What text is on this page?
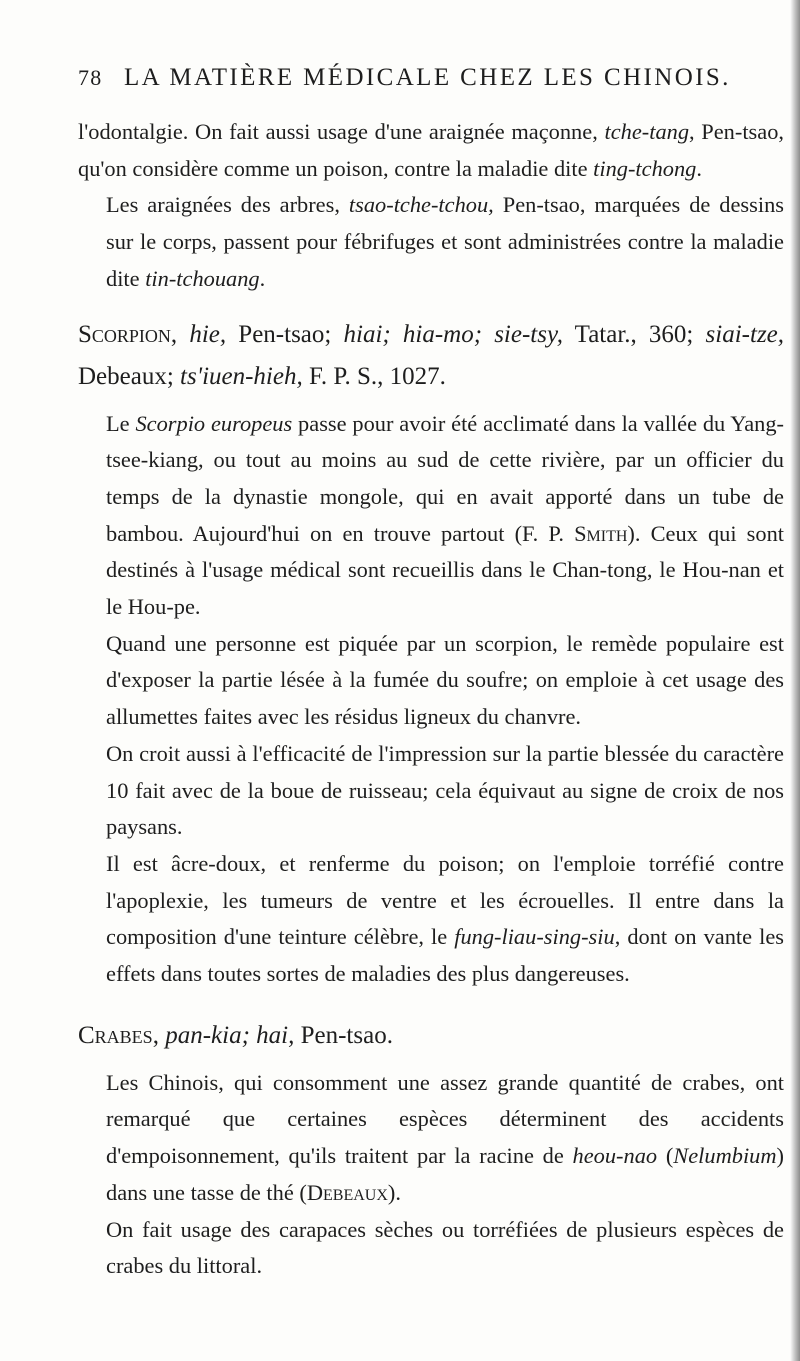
78 LA MATIÈRE MÉDICALE CHEZ LES CHINOIS.

l'odontalgie. On fait aussi usage d'une araignée maçonne, tche-tang, Pen-tsao, qu'on considère comme un poison, contre la maladie dite ting-tchong.

Les araignées des arbres, tsao-tche-tchou, Pen-tsao, marquées de dessins sur le corps, passent pour fébrifuges et sont administrées contre la maladie dite tin-tchouang.

Scorpion, hie, Pen-tsao; hiai; hia-mo; sie-tsy, Tatar., 360; siai-tze, Debeaux; ts'iuen-hieh, F. P. S., 1027.

Le Scorpio europeus passe pour avoir été acclimaté dans la vallée du Yang-tsee-kiang, ou tout au moins au sud de cette rivière, par un officier du temps de la dynastie mongole, qui en avait apporté dans un tube de bambou. Aujourd'hui on en trouve partout (F. P. Smith). Ceux qui sont destinés à l'usage médical sont recueillis dans le Chan-tong, le Hou-nan et le Hou-pe.

Quand une personne est piquée par un scorpion, le remède populaire est d'exposer la partie lésée à la fumée du soufre; on emploie à cet usage des allumettes faites avec les résidus ligneux du chanvre.

On croit aussi à l'efficacité de l'impression sur la partie blessée du caractère 10 fait avec de la boue de ruisseau; cela équivaut au signe de croix de nos paysans.

Il est âcre-doux, et renferme du poison; on l'emploie torréfié contre l'apoplexie, les tumeurs de ventre et les écrouelles. Il entre dans la composition d'une teinture célèbre, le fung-liau-sing-siu, dont on vante les effets dans toutes sortes de maladies des plus dangereuses.

Crabes, pan-kia; hai, Pen-tsao.

Les Chinois, qui consomment une assez grande quantité de crabes, ont remarqué que certaines espèces déterminent des accidents d'empoisonnement, qu'ils traitent par la racine de heou-nao (Nelumbium) dans une tasse de thé (Debeaux).

On fait usage des carapaces sèches ou torréfiées de plusieurs espèces de crabes du littoral.
